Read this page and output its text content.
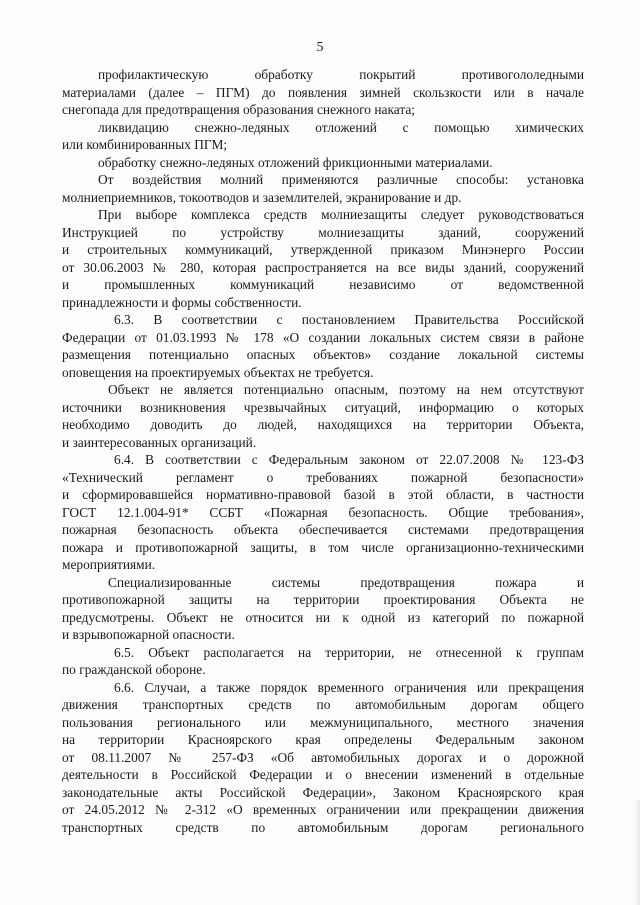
5
профилактическую обработку покрытий противогололедными
материалами (далее – ПГМ) до появления зимней скользкости или в начале
снегопада для предотвращения образования снежного наката;
ликвидацию снежно-ледяных отложений с помощью химических
или комбинированных ПГМ;
обработку снежно-ледяных отложений фрикционными материалами.
От воздействия молний применяются различные способы: установка
молниеприемников, токоотводов и заземлителей, экранирование и др.
При выборе комплекса средств молниезащиты следует руководствоваться
Инструкцией по устройству молниезащиты зданий, сооружений
и строительных коммуникаций, утвержденной приказом Минэнерго России
от 30.06.2003 № 280, которая распространяется на все виды зданий, сооружений
и промышленных коммуникаций независимо от ведомственной
принадлежности и формы собственности.
6.3. В соответствии с постановлением Правительства Российской
Федерации от 01.03.1993 № 178 «О создании локальных систем связи в районе
размещения потенциально опасных объектов» создание локальной системы
оповещения на проектируемых объектах не требуется.
Объект не является потенциально опасным, поэтому на нем отсутствуют
источники возникновения чрезвычайных ситуаций, информацию о которых
необходимо доводить до людей, находящихся на территории Объекта,
и заинтересованных организаций.
6.4. В соответствии с Федеральным законом от 22.07.2008 № 123-ФЗ
«Технический регламент о требованиях пожарной безопасности»
и сформировавшейся нормативно-правовой базой в этой области, в частности
ГОСТ 12.1.004-91* ССБТ «Пожарная безопасность. Общие требования»,
пожарная безопасность объекта обеспечивается системами предотвращения
пожара и противопожарной защиты, в том числе организационно-техническими
мероприятиями.
Специализированные системы предотвращения пожара и
противопожарной защиты на территории проектирования Объекта не
предусмотрены. Объект не относится ни к одной из категорий по пожарной
и взрывопожарной опасности.
6.5. Объект располагается на территории, не отнесенной к группам
по гражданской обороне.
6.6. Случаи, а также порядок временного ограничения или прекращения
движения транспортных средств по автомобильным дорогам общего
пользования регионального или межмуниципального, местного значения
на территории Красноярского края определены Федеральным законом
от 08.11.2007 № 257-ФЗ «Об автомобильных дорогах и о дорожной
деятельности в Российской Федерации и о внесении изменений в отдельные
законодательные акты Российской Федерации», Законом Красноярского края
от 24.05.2012 № 2-312 «О временных ограничении или прекращении движения
транспортных средств по автомобильным дорогам регионального
